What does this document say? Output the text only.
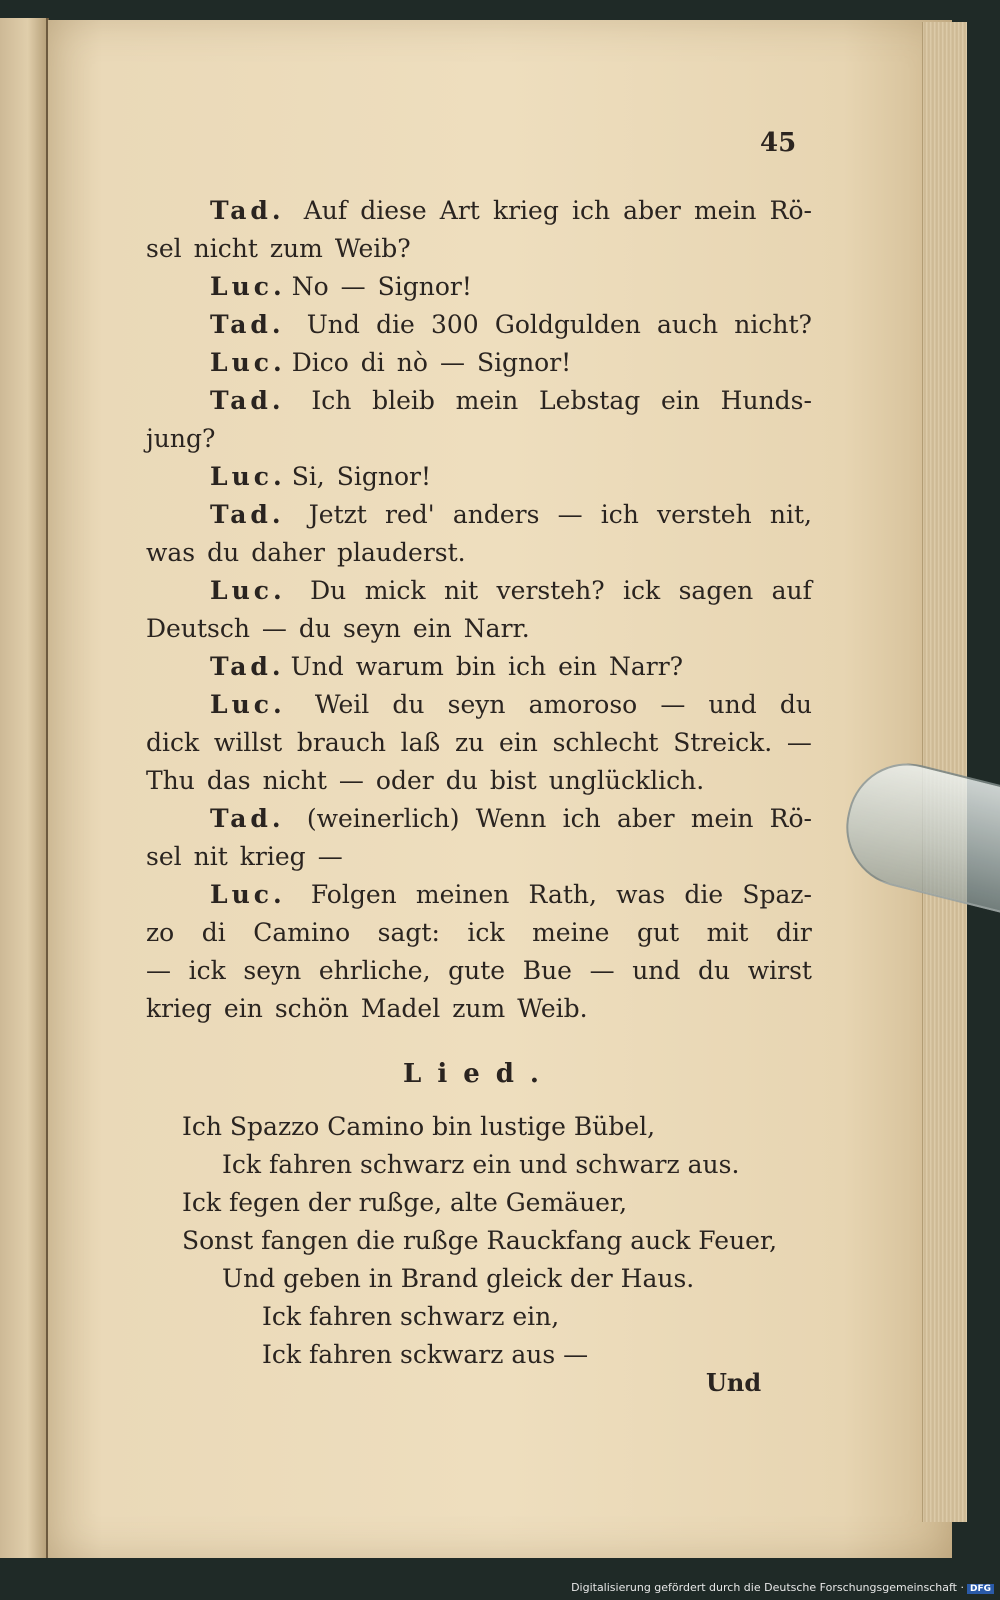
45
Tad. Auf diese Art krieg ich aber mein Rö-
sel nicht zum Weib?
Luc. No — Signor!
Tad. Und die 300 Goldgulden auch nicht?
Luc. Dico di nò — Signor!
Tad. Ich bleib mein Lebstag ein Hunds-
jung?
Luc. Si, Signor!
Tad. Jetzt red' anders — ich versteh nit,
was du daher plauderst.
Luc. Du mick nit versteh? ick sagen auf
Deutsch — du seyn ein Narr.
Tad. Und warum bin ich ein Narr?
Luc. Weil du seyn amoroso — und du
dick willst brauch laß zu ein schlecht Streick. —
Thu das nicht — oder du bist unglücklich.
Tad. (weinerlich) Wenn ich aber mein Rö-
sel nit krieg —
Luc. Folgen meinen Rath, was die Spaz-
zo di Camino sagt: ick meine gut mit dir
— ick seyn ehrliche, gute Bue — und du wirst
krieg ein schön Madel zum Weib.
Lied.
Ich Spazzo Camino bin lustige Bübel,
Ick fahren schwarz ein und schwarz aus.
Ick fegen der rußge, alte Gemäuer,
Sonst fangen die rußge Rauckfang auck Feuer,
Und geben in Brand gleick der Haus.
Ick fahren schwarz ein,
Ick fahren sckwarz aus —
Und
Digitalisierung gefördert durch die Deutsche Forschungsgemeinschaft · DFG
